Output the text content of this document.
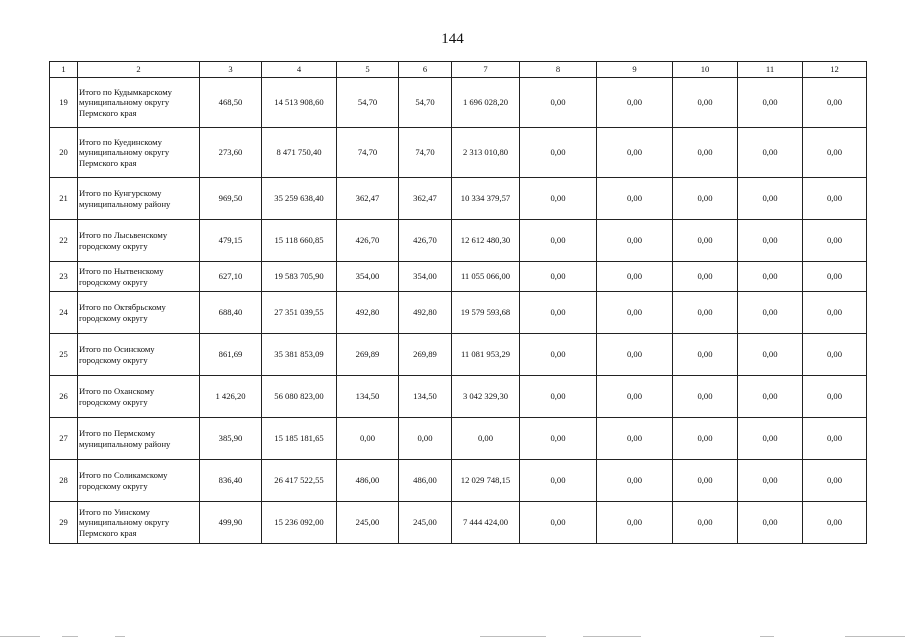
144
1	2	3	4	5	6	7	8	9	10	11	12
19	Итого по Кудымкарскому муниципальному округу Пермского края	468,50	14 513 908,60	54,70	54,70	1 696 028,20	0,00	0,00	0,00	0,00	0,00
20	Итого по Куединскому муниципальному округу Пермского края	273,60	8 471 750,40	74,70	74,70	2 313 010,80	0,00	0,00	0,00	0,00	0,00
21	Итого по Кунгурскому муниципальному району	969,50	35 259 638,40	362,47	362,47	10 334 379,57	0,00	0,00	0,00	0,00	0,00
22	Итого по Лысьвенскому городскому округу	479,15	15 118 660,85	426,70	426,70	12 612 480,30	0,00	0,00	0,00	0,00	0,00
23	Итого по Нытвенскому городскому округу	627,10	19 583 705,90	354,00	354,00	11 055 066,00	0,00	0,00	0,00	0,00	0,00
24	Итого по Октябрьскому городскому округу	688,40	27 351 039,55	492,80	492,80	19 579 593,68	0,00	0,00	0,00	0,00	0,00
25	Итого по Осинскому городскому округу	861,69	35 381 853,09	269,89	269,89	11 081 953,29	0,00	0,00	0,00	0,00	0,00
26	Итого по Оханскому городскому округу	1 426,20	56 080 823,00	134,50	134,50	3 042 329,30	0,00	0,00	0,00	0,00	0,00
27	Итого по Пермскому муниципальному району	385,90	15 185 181,65	0,00	0,00	0,00	0,00	0,00	0,00	0,00	0,00
28	Итого по Соликамскому городскому округу	836,40	26 417 522,55	486,00	486,00	12 029 748,15	0,00	0,00	0,00	0,00	0,00
29	Итого по Уинскому муниципальному округу Пермского края	499,90	15 236 092,00	245,00	245,00	7 444 424,00	0,00	0,00	0,00	0,00	0,00
